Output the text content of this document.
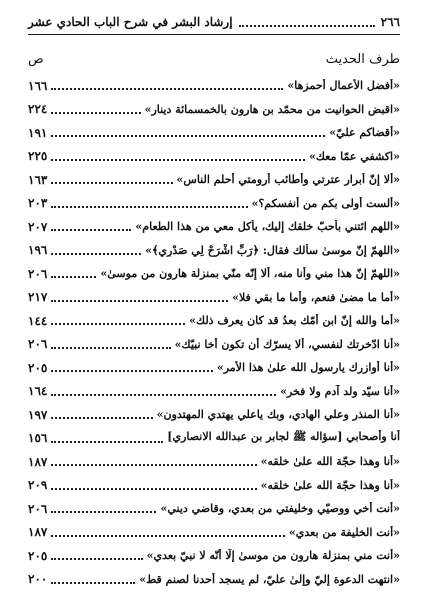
٢٦٦
إرشاد البشر في شرح الباب الحادي عشر
طرف الحديث
ص
«أفضل الأعمال أحمزها»
١٦٦
«اقبض الحوانيت من محمّد بن هارون بالخمسمائة دينار»
٢٢٤
«أقضاكم عليّ»
١٩١
«اكشفي عمّا معك»
٢٢٥
«ألا إنّ أبرار عترتي وأطائب أرومتي أحلم الناس»
١٦٣
«ألست أولى بكم من أنفسكم؟»
٢٠٣
«اللهم ائتني بأحبّ خلقك إليك، يأكل معي من هذا الطعام»
٢٠٧
«اللهمّ إنّ موسىٰ سألك فقال: ﴿رَبِّ اشْرَحْ لِي صَدْرِي﴾»
١٩٦
«اللهمّ إنّ هذا مني وأنا منه، ألا إنّه منّي بمنزلة هارون من موسىٰ»
٢٠٦
«أما ما مضىٰ فنعم، وأما ما بقي فلا»
٢١٧
«أما والله إنّ ابن أمّك بعدُ قد كان يعرف ذلك»
١٤٤
«أنا ادّخرتك لنفسي، ألا يسرّك أن تكون أخا نبيّك»
٢٠٦
«أنا أُوازرك يارسول الله علىٰ هذا الأمر»
٢٠٥
«أنا سيّد ولد آدم ولا فخر»
١٦٤
«أنا المنذر وعلي الهادي، وبك ياعلي يهتدي المهتدون»
١٩٧
أنا وأصحابي [سؤاله ﷺ لجابر بن عبدالله الانصاري]
١٥٦
«أنا وهذا حجّة الله علىٰ خلقه»
١٨٧
«أنا وهذا حجّة الله علىٰ خلقه»
٢٠٩
«أنت أخي ووصيّي وخليفتي من بعدي، وقاضي ديني»
٢٠٦
«أنت الخليفة من بعدي»
١٨٧
«أنت مني بمنزلة هارون من موسىٰ إلّا أنّه لا نبيّ بعدي»
٢٠٥
«انتهت الدعوة إليّ وإلىٰ عليّ، لم يسجد أحدنا لصنم قط»
٢٠٠
